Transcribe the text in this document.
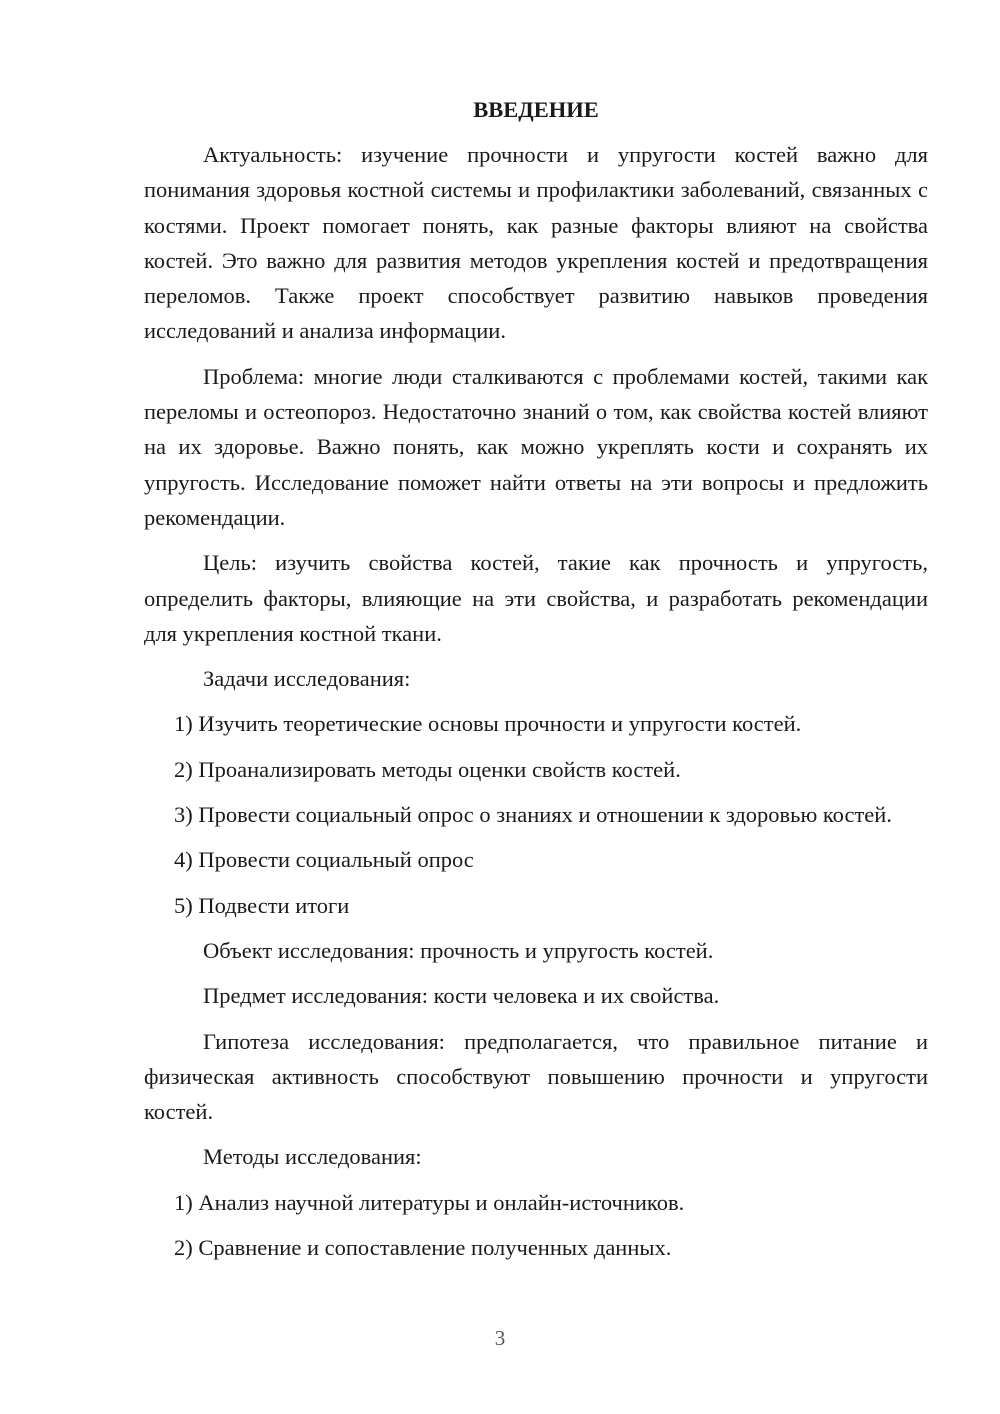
ВВЕДЕНИЕ

Актуальность: изучение прочности и упругости костей важно для понимания здоровья костной системы и профилактики заболеваний, связанных с костями. Проект помогает понять, как разные факторы влияют на свойства костей. Это важно для развития методов укрепления костей и предотвращения переломов. Также проект способствует развитию навыков проведения исследований и анализа информации.

Проблема: многие люди сталкиваются с проблемами костей, такими как переломы и остеопороз. Недостаточно знаний о том, как свойства костей влияют на их здоровье. Важно понять, как можно укреплять кости и сохранять их упругость. Исследование поможет найти ответы на эти вопросы и предложить рекомендации.

Цель: изучить свойства костей, такие как прочность и упругость, определить факторы, влияющие на эти свойства, и разработать рекомендации для укрепления костной ткани.

Задачи исследования:

1) Изучить теоретические основы прочности и упругости костей.

2) Проанализировать методы оценки свойств костей.

3) Провести социальный опрос о знаниях и отношении к здоровью костей.

4) Провести социальный опрос

5) Подвести итоги

Объект исследования: прочность и упругость костей.

Предмет исследования: кости человека и их свойства.

Гипотеза исследования: предполагается, что правильное питание и физическая активность способствуют повышению прочности и упругости костей.

Методы исследования:

1) Анализ научной литературы и онлайн-источников.

2) Сравнение и сопоставление полученных данных.

3
